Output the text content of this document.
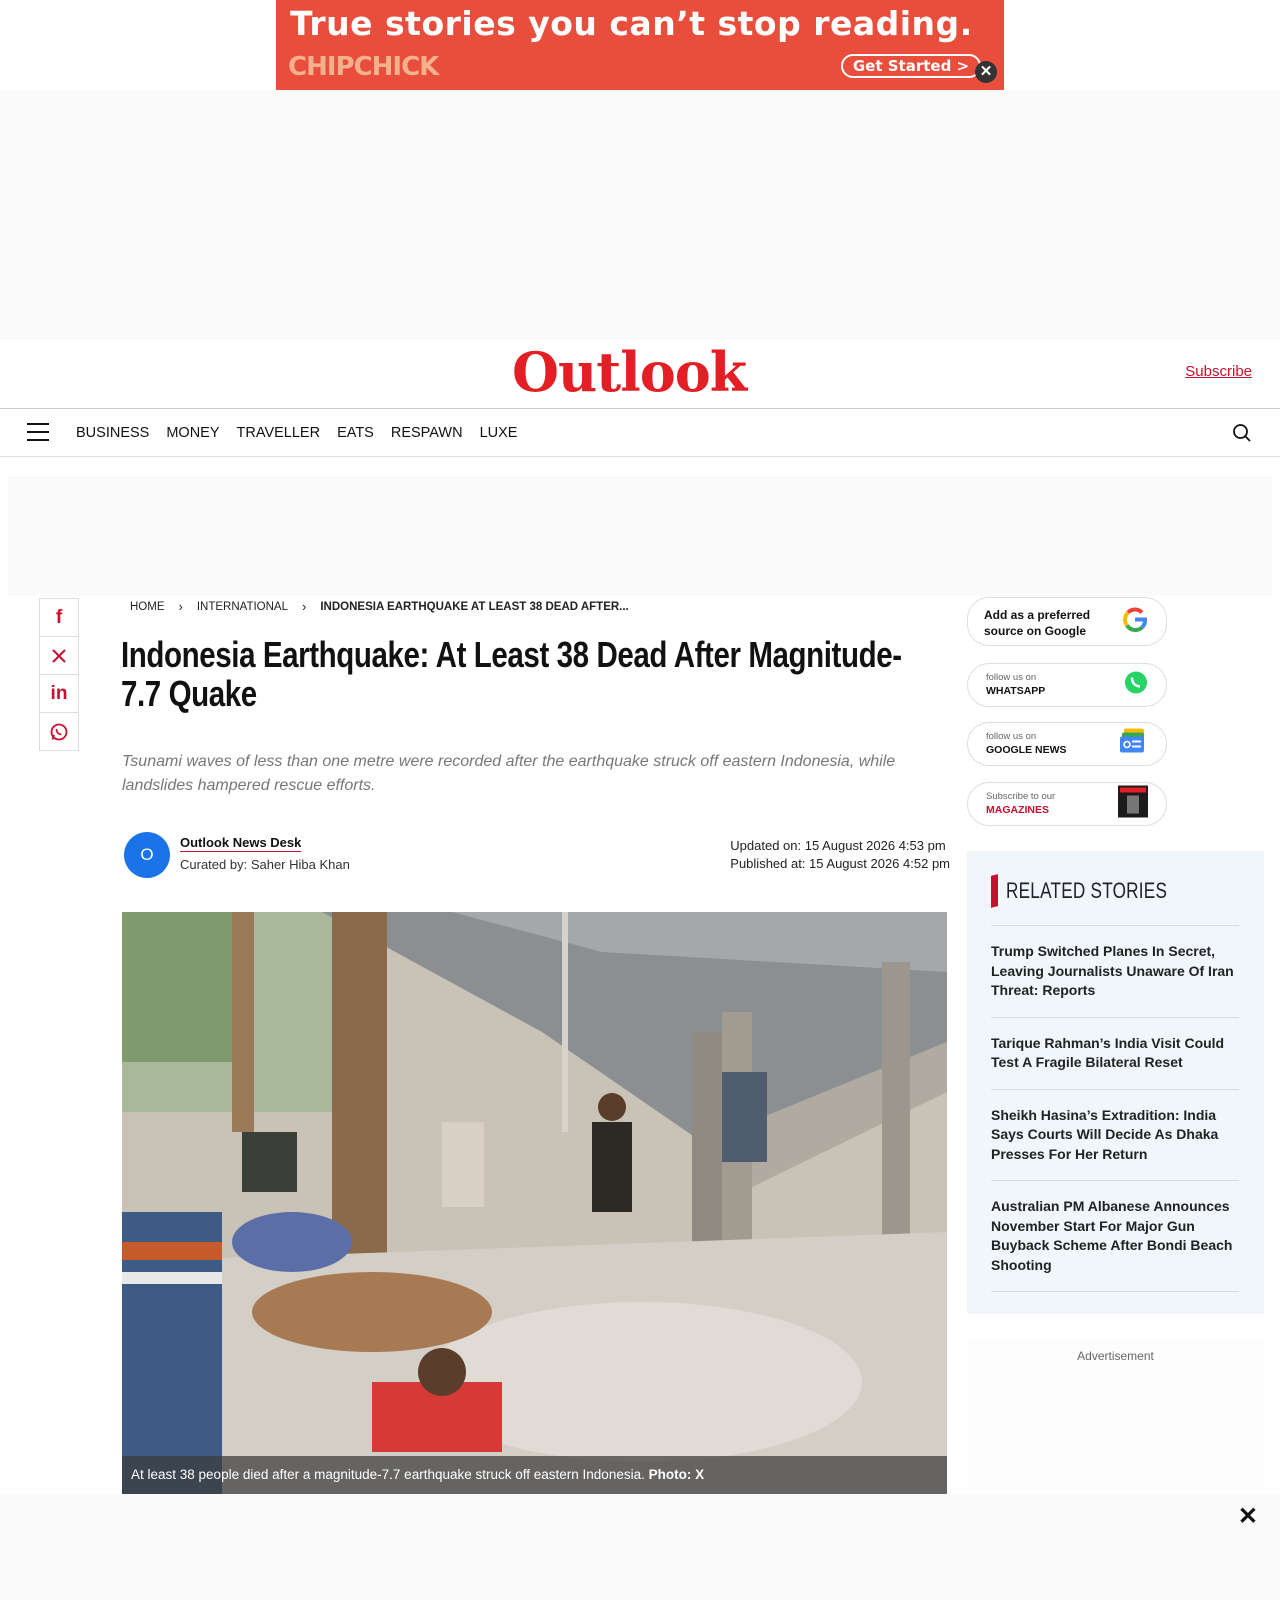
True stories you can’t stop reading.
CHIPCHICK	Get Started > ✕
Outlook	Subscribe
BUSINESS MONEY TRAVELLER EATS RESPAWN LUXE
f
in
HOME › INTERNATIONAL › INDONESIA EARTHQUAKE AT LEAST 38 DEAD AFTER...
Indonesia Earthquake: At Least 38 Dead After Magnitude-7.7 Quake

Tsunami waves of less than one metre were recorded after the earthquake struck off eastern Indonesia, while landslides hampered rescue efforts.

O
Outlook News Desk
Curated by: Saher Hiba Khan
Updated on: 15 August 2026 4:53 pm
Published at: 15 August 2026 4:52 pm
At least 38 people died after a magnitude-7.7 earthquake struck off eastern Indonesia. Photo: X
Add as a preferred
source on Google
follow us on
WHATSAPP
follow us on
GOOGLE NEWS
Subscribe to our
MAGAZINES
RELATED STORIES
Trump Switched Planes In Secret, Leaving Journalists Unaware Of Iran Threat: Reports
Tarique Rahman’s India Visit Could Test A Fragile Bilateral Reset
Sheikh Hasina’s Extradition: India Says Courts Will Decide As Dhaka Presses For Her Return
Australian PM Albanese Announces November Start For Major Gun Buyback Scheme After Bondi Beach Shooting
Advertisement
✕
